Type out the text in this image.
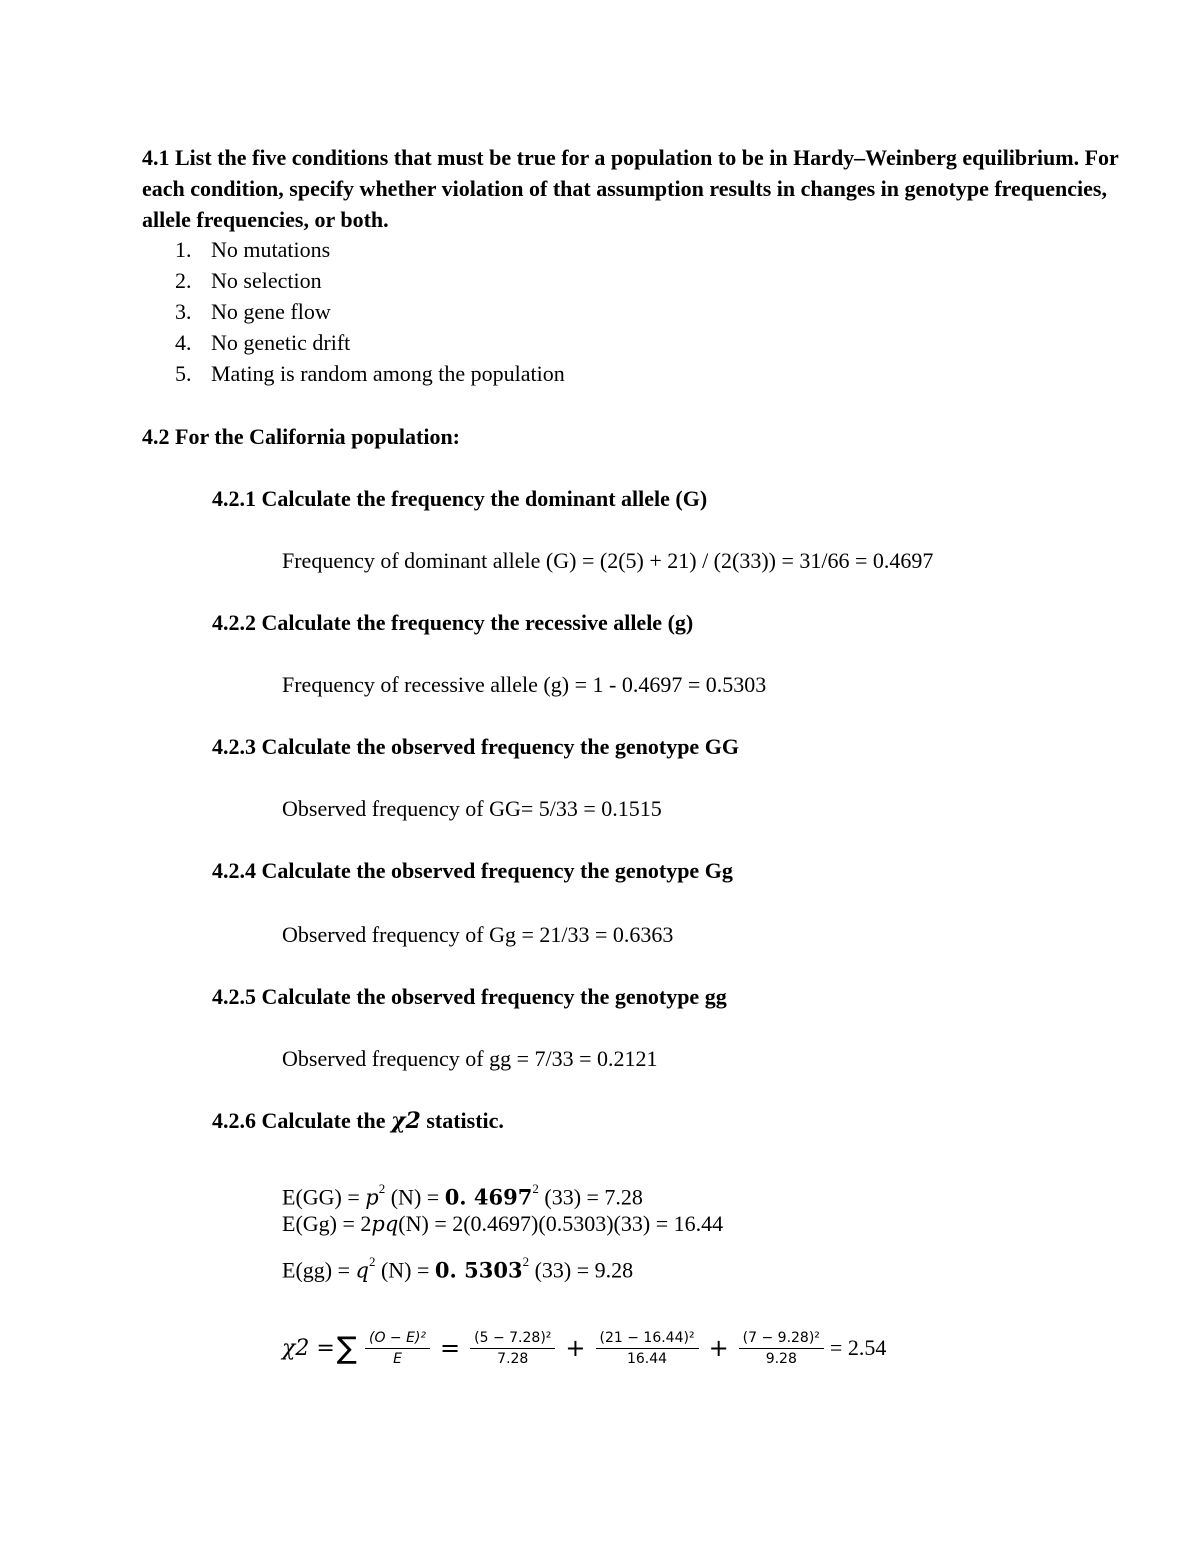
4.1 List the five conditions that must be true for a population to be in Hardy–Weinberg equilibrium. For each condition, specify whether violation of that assumption results in changes in genotype frequencies, allele frequencies, or both.
1. No mutations
2. No selection
3. No gene flow
4. No genetic drift
5. Mating is random among the population
4.2 For the California population:
4.2.1 Calculate the frequency the dominant allele (G)
Frequency of dominant allele (G) = (2(5) + 21) / (2(33)) = 31/66 = 0.4697
4.2.2 Calculate the frequency the recessive allele (g)
Frequency of recessive allele (g) = 1 - 0.4697 = 0.5303
4.2.3 Calculate the observed frequency the genotype GG
Observed frequency of GG= 5/33 = 0.1515
4.2.4 Calculate the observed frequency the genotype Gg
Observed frequency of Gg = 21/33 = 0.6363
4.2.5 Calculate the observed frequency the genotype gg
Observed frequency of gg = 7/33 = 0.2121
4.2.6 Calculate the χ2 statistic.
$E(GG) = p^2$ (N) = 0. 4697$^2$ (33) = 7.28
E(Gg) = 2pq(N) = 2(0.4697)(0.5303)(33) = 16.44
$E(gg) = q^2$ (N) = 0. 5303$^2$ (33) = 9.28
χ2 = ∑ $\frac{\text{(O − E)²}}{E} = \frac{\text{(5 − 7.28)²}}{7.28} + \frac{\text{(21 − 16.44)²}}{16.44} + \frac{\text{(7 − 9.28)²}}{9.28} = 2.54$
